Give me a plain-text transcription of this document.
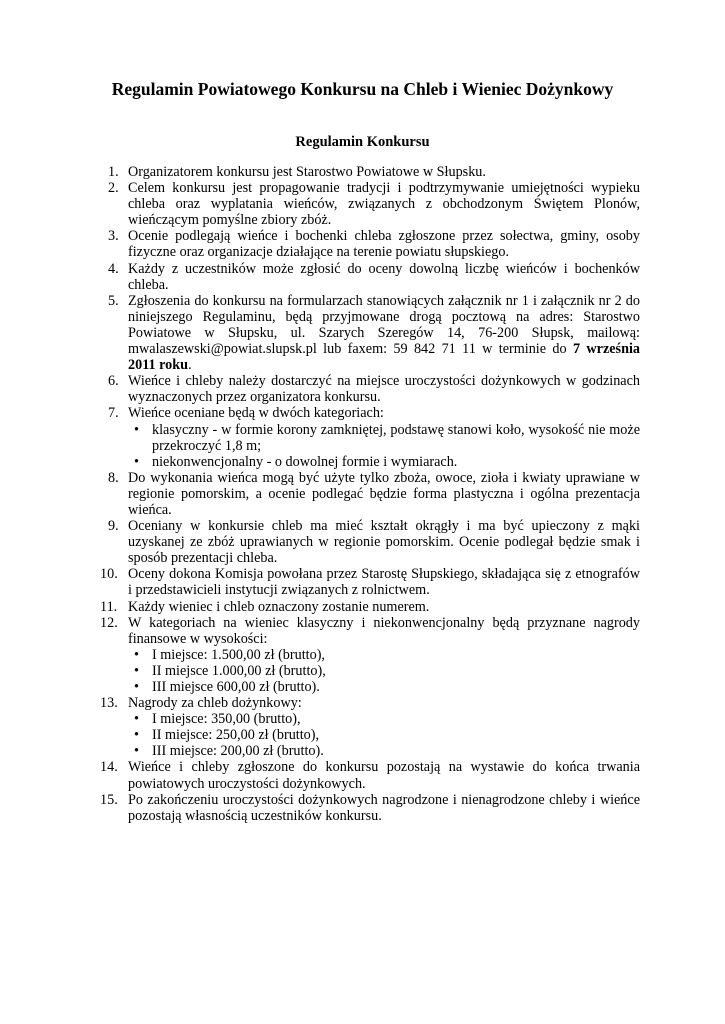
Regulamin Powiatowego Konkursu na Chleb i Wieniec Dożynkowy
Regulamin Konkursu
1. Organizatorem konkursu jest Starostwo Powiatowe w Słupsku.
2. Celem konkursu jest propagowanie tradycji i podtrzymywanie umiejętności wypieku chleba oraz wyplatania wieńców, związanych z obchodzonym Świętem Plonów, wieńczącym pomyślne zbiory zbóż.
3. Ocenie podlegają wieńce i bochenki chleba zgłoszone przez sołectwa, gminy, osoby fizyczne oraz organizacje działające na terenie powiatu słupskiego.
4. Każdy z uczestników może zgłosić do oceny dowolną liczbę wieńców i bochenków chleba.
5. Zgłoszenia do konkursu na formularzach stanowiących załącznik nr 1 i załącznik nr 2 do niniejszego Regulaminu, będą przyjmowane drogą pocztową na adres: Starostwo Powiatowe w Słupsku, ul. Szarych Szeregów 14, 76-200 Słupsk, mailową: mwalaszewski@powiat.slupsk.pl lub faxem: 59 842 71 11 w terminie do 7 września 2011 roku.
6. Wieńce i chleby należy dostarczyć na miejsce uroczystości dożynkowych w godzinach wyznaczonych przez organizatora konkursu.
7. Wieńce oceniane będą w dwóch kategoriach:
• klasyczny - w formie korony zamkniętej, podstawę stanowi koło, wysokość nie może przekroczyć 1,8 m;
• niekonwencjonalny - o dowolnej formie i wymiarach.
8. Do wykonania wieńca mogą być użyte tylko zboża, owoce, zioła i kwiaty uprawiane w regionie pomorskim, a ocenie podlegać będzie forma plastyczna i ogólna prezentacja wieńca.
9. Oceniany w konkursie chleb ma mieć kształt okrągły i ma być upieczony z mąki uzyskanej ze zbóż uprawianych w regionie pomorskim. Ocenie podlegał będzie smak i sposób prezentacji chleba.
10. Oceny dokona Komisja powołana przez Starostę Słupskiego, składająca się z etnografów i przedstawicieli instytucji związanych z rolnictwem.
11. Każdy wieniec i chleb oznaczony zostanie numerem.
12. W kategoriach na wieniec klasyczny i niekonwencjonalny będą przyznane nagrody finansowe w wysokości:
• I miejsce: 1.500,00 zł (brutto),
• II miejsce 1.000,00 zł (brutto),
• III miejsce 600,00 zł (brutto).
13. Nagrody za chleb dożynkowy:
• I miejsce: 350,00 (brutto),
• II miejsce: 250,00 zł (brutto),
• III miejsce: 200,00 zł (brutto).
14. Wieńce i chleby zgłoszone do konkursu pozostają na wystawie do końca trwania powiatowych uroczystości dożynkowych.
15. Po zakończeniu uroczystości dożynkowych nagrodzone i nienagrodzone chleby i wieńce pozostają własnością uczestników konkursu.
